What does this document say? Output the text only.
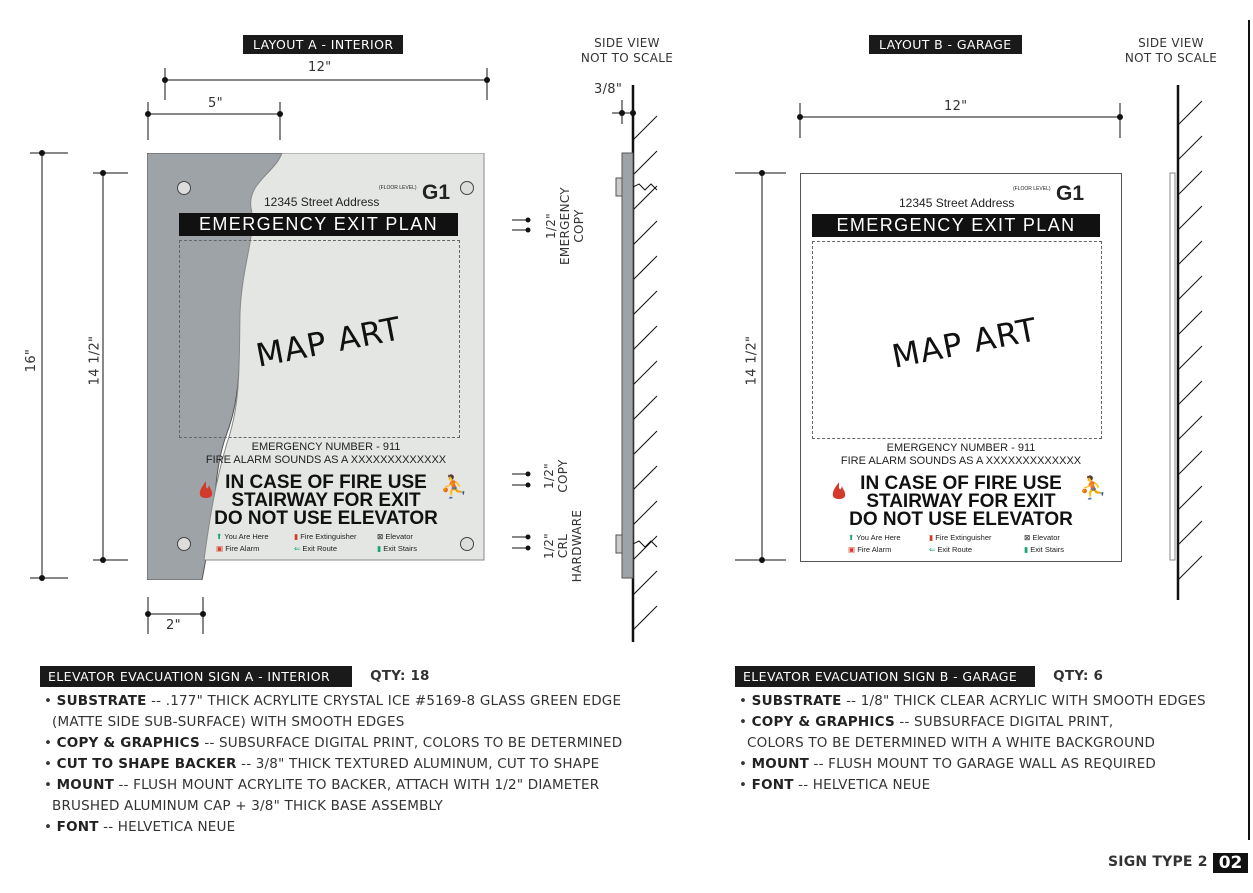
LAYOUT A - INTERIOR	SIDE VIEW
NOT TO SCALE
12"
5"
16"	14 1/2"
2"
3/8"
1/2"
EMERGENCY
COPY
1/2"
COPY
1/2"
CRL
HARDWARE
(FLOOR LEVEL) G1
12345 Street Address
EMERGENCY EXIT PLAN
MAP ART
EMERGENCY NUMBER - 911
FIRE ALARM SOUNDS AS A XXXXXXXXXXXXX
IN CASE OF FIRE USE
STAIRWAY FOR EXIT
DO NOT USE ELEVATOR
⛹
⬆ You Are Here	▮ Fire Extinguisher	⊠ Elevator
▣ Fire Alarm	⇐ Exit Route	▮ Exit Stairs
LAYOUT B - GARAGE	SIDE VIEW
NOT TO SCALE
12"
14 1/2"
(FLOOR LEVEL) G1
12345 Street Address
EMERGENCY EXIT PLAN
MAP ART
EMERGENCY NUMBER - 911
FIRE ALARM SOUNDS AS A XXXXXXXXXXXXX
IN CASE OF FIRE USE
STAIRWAY FOR EXIT
DO NOT USE ELEVATOR
⛹
⬆ You Are Here	▮ Fire Extinguisher	⊠ Elevator
▣ Fire Alarm	⇐ Exit Route	▮ Exit Stairs
ELEVATOR EVACUATION SIGN A - INTERIOR	QTY: 18
• SUBSTRATE -- .177" THICK ACRYLITE CRYSTAL ICE #5169-8 GLASS GREEN EDGE
(MATTE SIDE SUB-SURFACE) WITH SMOOTH EDGES
• COPY & GRAPHICS -- SUBSURFACE DIGITAL PRINT, COLORS TO BE DETERMINED
• CUT TO SHAPE BACKER -- 3/8" THICK TEXTURED ALUMINUM, CUT TO SHAPE
• MOUNT -- FLUSH MOUNT ACRYLITE TO BACKER, ATTACH WITH 1/2" DIAMETER
BRUSHED ALUMINUM CAP + 3/8" THICK BASE ASSEMBLY
• FONT -- HELVETICA NEUE
ELEVATOR EVACUATION SIGN B - GARAGE	QTY: 6
• SUBSTRATE -- 1/8" THICK CLEAR ACRYLIC WITH SMOOTH EDGES
• COPY & GRAPHICS -- SUBSURFACE DIGITAL PRINT,
COLORS TO BE DETERMINED WITH A WHITE BACKGROUND
• MOUNT -- FLUSH MOUNT TO GARAGE WALL AS REQUIRED
• FONT -- HELVETICA NEUE
SIGN TYPE 2 02
